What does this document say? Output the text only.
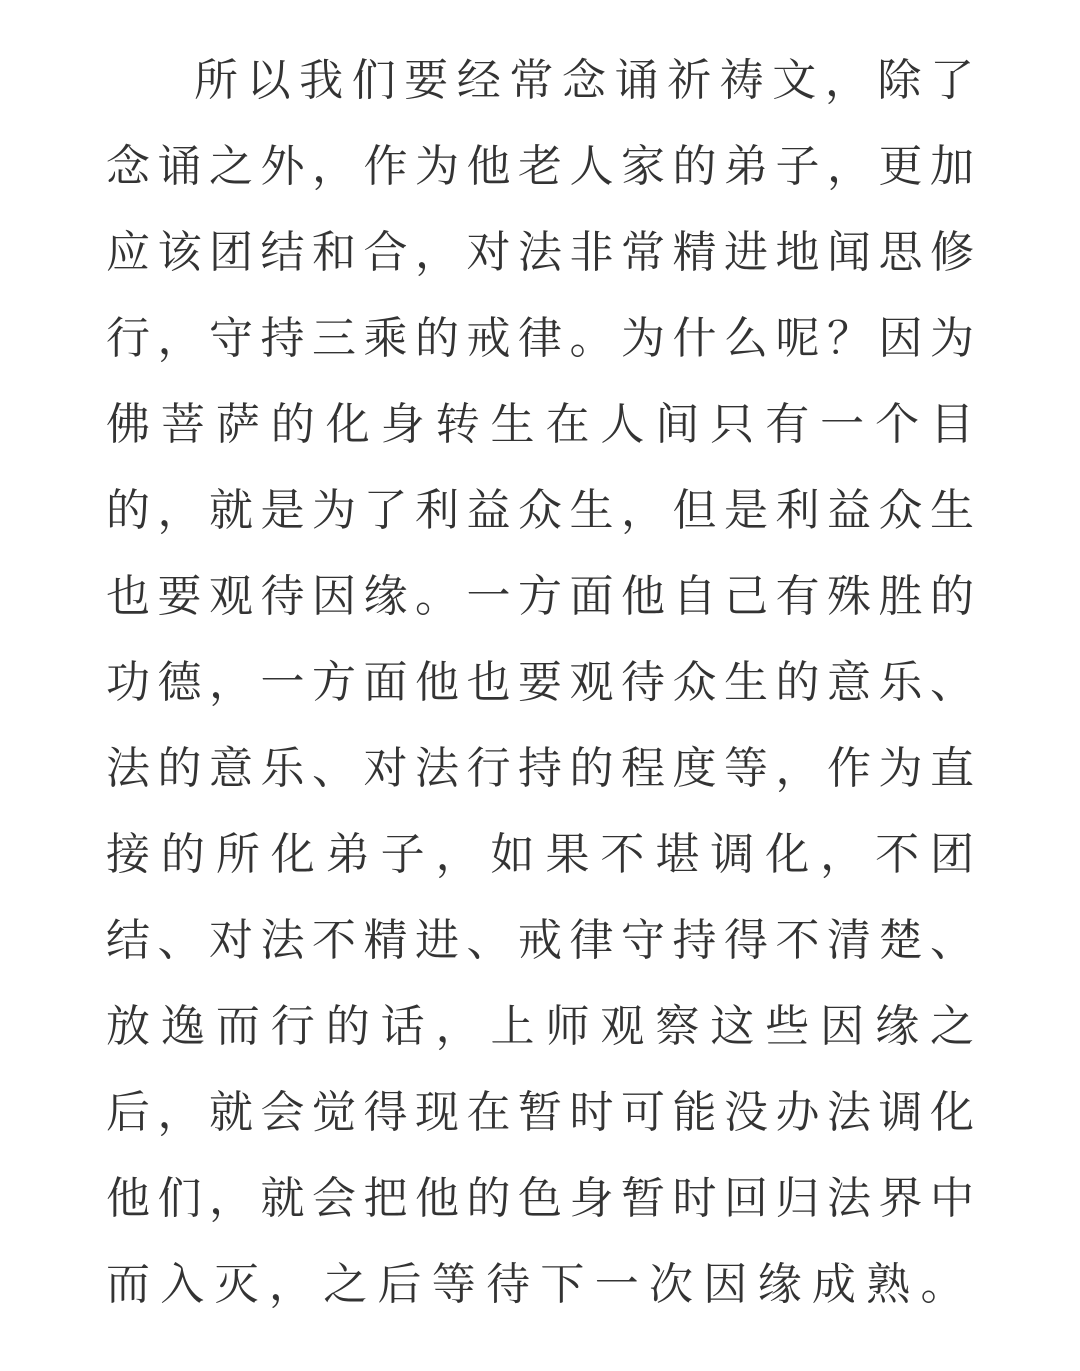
所以我们要经常念诵祈祷文，除了
念诵之外，作为他老人家的弟子，更加
应该团结和合，对法非常精进地闻思修
行，守持三乘的戒律。为什么呢？因为
佛菩萨的化身转生在人间只有一个目
的，就是为了利益众生，但是利益众生
也要观待因缘。一方面他自己有殊胜的
功德，一方面他也要观待众生的意乐、
法的意乐、对法行持的程度等，作为直
接的所化弟子，如果不堪调化，不团
结、对法不精进、戒律守持得不清楚、
放逸而行的话，上师观察这些因缘之
后，就会觉得现在暂时可能没办法调化
他们，就会把他的色身暂时回归法界中
而入灭，之后等待下一次因缘成熟。
